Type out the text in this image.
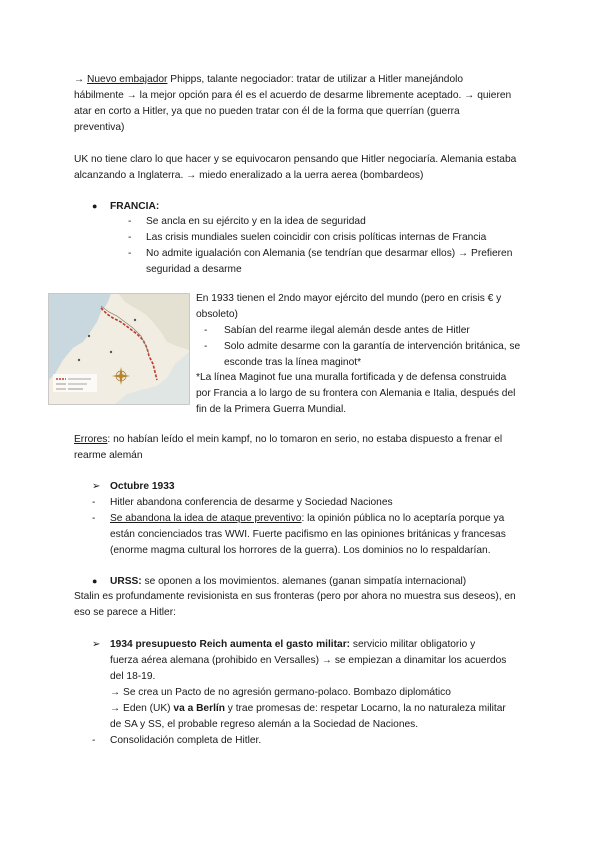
→ Nuevo embajador Phipps, talante negociador: tratar de utilizar a Hitler manejándolo
hábilmente → la mejor opción para él es el acuerdo de desarme libremente aceptado. → quieren
atar en corto a Hitler, ya que no pueden tratar con él de la forma que querrían (guerra
preventiva)
UK no tiene claro lo que hacer y se equivocaron pensando que Hitler negociaría. Alemania estaba
alcanzando a Inglaterra. → miedo eneralizado a la uerra aerea (bombardeos)
● FRANCIA:
- Se ancla en su ejército y en la idea de seguridad
- Las crisis mundiales suelen coincidir con crisis políticas internas de Francia
- No admite igualación con Alemania (se tendrían que desarmar ellos) → Prefieren
seguridad a desarme
En 1933 tienen el 2ndo mayor ejército del mundo (pero en crisis € y
obsoleto)
- Sabían del rearme ilegal alemán desde antes de Hitler
- Solo admite desarme con la garantía de intervención británica, se
esconde tras la línea maginot*
*La línea Maginot fue una muralla fortificada y de defensa construida
por Francia a lo largo de su frontera con Alemania e Italia, después del
fin de la Primera Guerra Mundial.
Errores: no habían leído el mein kampf, no lo tomaron en serio, no estaba dispuesto a frenar el
rearme alemán
➢ Octubre 1933
- Hitler abandona conferencia de desarme y Sociedad Naciones
- Se abandona la idea de ataque preventivo: la opinión pública no lo aceptaría porque ya
están concienciados tras WWI. Fuerte pacifismo en las opiniones británicas y francesas
(enorme magma cultural los horrores de la guerra). Los dominios no lo respaldarían.
● URSS: se oponen a los movimientos. alemanes (ganan simpatía internacional)
Stalin es profundamente revisionista en sus fronteras (pero por ahora no muestra sus deseos), en
eso se parece a Hitler:
➢ 1934 presupuesto Reich aumenta el gasto militar: servicio militar obligatorio y
fuerza aérea alemana (prohibido en Versalles) → se empiezan a dinamitar los acuerdos
del 18-19.
→ Se crea un Pacto de no agresión germano-polaco. Bombazo diplomático
→ Eden (UK) va a Berlín y trae promesas de: respetar Locarno, la no naturaleza militar
de SA y SS, el probable regreso alemán a la Sociedad de Naciones.
- Consolidación completa de Hitler.
